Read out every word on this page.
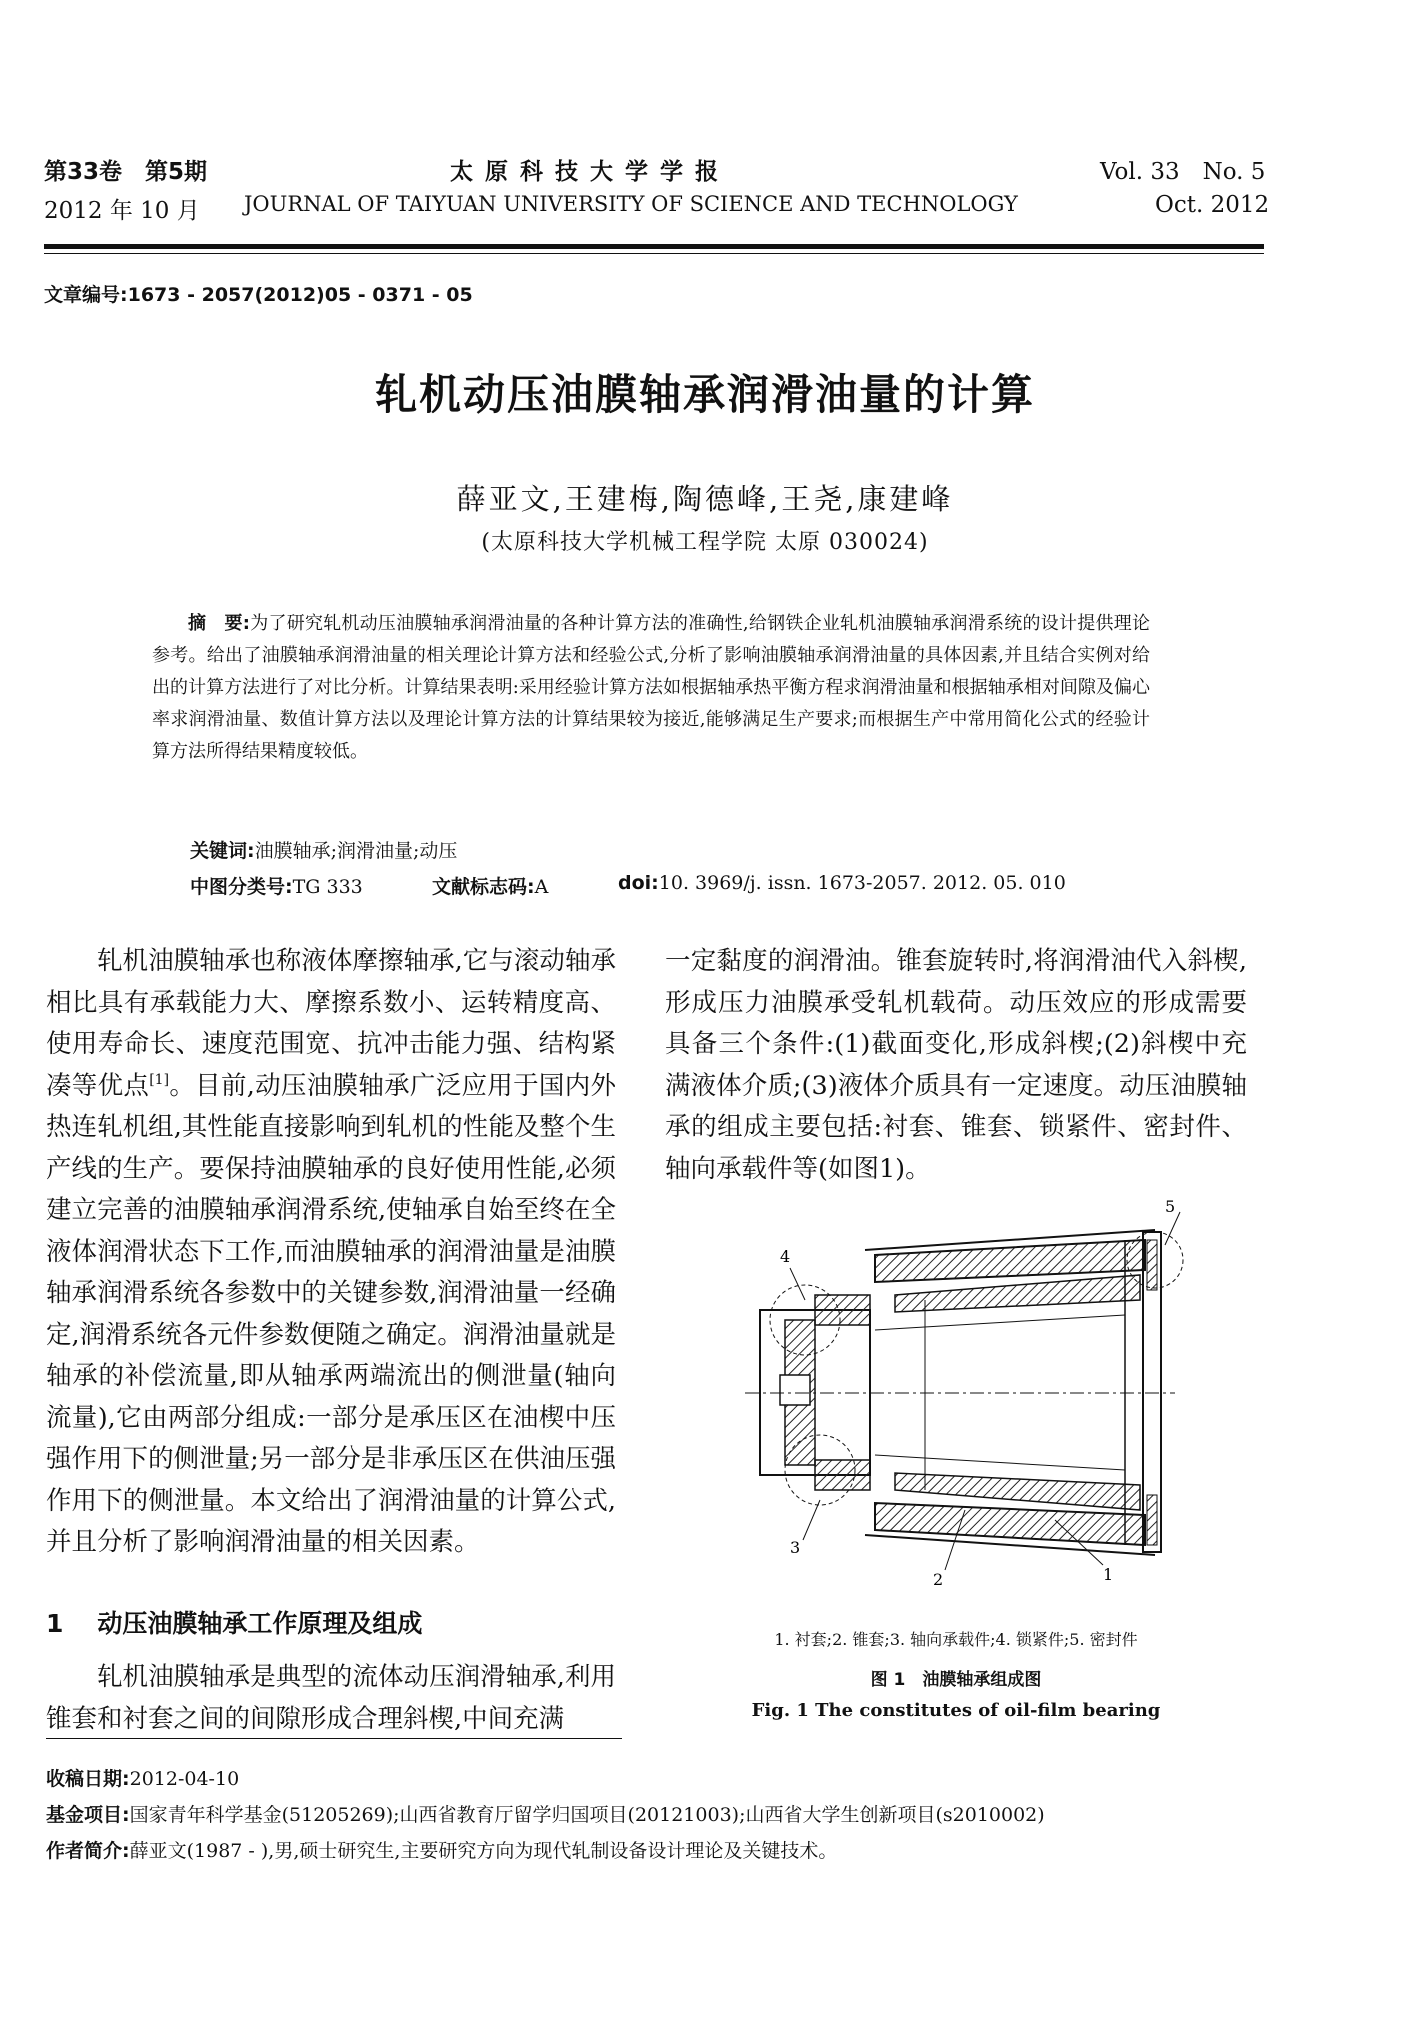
第33卷　第5期	太 原 科 技 大 学 学 报	Vol. 33　No. 5
2012 年 10 月 JOURNAL OF TAIYUAN UNIVERSITY OF SCIENCE AND TECHNOLOGY	Oct. 2012
文章编号:1673 - 2057(2012)05 - 0371 - 05
轧机动压油膜轴承润滑油量的计算
薛亚文,王建梅,陶德峰,王尧,康建峰
(太原科技大学机械工程学院 太原 030024)
摘　要:为了研究轧机动压油膜轴承润滑油量的各种计算方法的准确性,给钢铁企业轧机油膜轴承润滑系统的设计提供理论参考。给出了油膜轴承润滑油量的相关理论计算方法和经验公式,分析了影响油膜轴承润滑油量的具体因素,并且结合实例对给出的计算方法进行了对比分析。计算结果表明:采用经验计算方法如根据轴承热平衡方程求润滑油量和根据轴承相对间隙及偏心率求润滑油量、数值计算方法以及理论计算方法的计算结果较为接近,能够满足生产要求;而根据生产中常用简化公式的经验计算方法所得结果精度较低。
关键词:油膜轴承;润滑油量;动压
中图分类号:TG 333	文献标志码:A	doi:10. 3969/j. issn. 1673-2057. 2012. 05. 010

轧机油膜轴承也称液体摩擦轴承,它与滚动轴承相比具有承载能力大、摩擦系数小、运转精度高、使用寿命长、速度范围宽、抗冲击能力强、结构紧凑等优点[1]。目前,动压油膜轴承广泛应用于国内外热连轧机组,其性能直接影响到轧机的性能及整个生产线的生产。要保持油膜轴承的良好使用性能,必须建立完善的油膜轴承润滑系统,使轴承自始至终在全液体润滑状态下工作,而油膜轴承的润滑油量是油膜轴承润滑系统各参数中的关键参数,润滑油量一经确定,润滑系统各元件参数便随之确定。润滑油量就是轴承的补偿流量,即从轴承两端流出的侧泄量(轴向流量),它由两部分组成:一部分是承压区在油楔中压强作用下的侧泄量;另一部分是非承压区在供油压强作用下的侧泄量。本文给出了润滑油量的计算公式,并且分析了影响润滑油量的相关因素。

1 动压油膜轴承工作原理及组成

轧机油膜轴承是典型的流体动压润滑轴承,利用锥套和衬套之间的间隙形成合理斜楔,中间充满

一定黏度的润滑油。锥套旋转时,将润滑油代入斜楔,形成压力油膜承受轧机载荷。动压效应的形成需要具备三个条件:(1)截面变化,形成斜楔;(2)斜楔中充满液体介质;(3)液体介质具有一定速度。动压油膜轴承的组成主要包括:衬套、锥套、锁紧件、密封件、轴向承载件等(如图1)。

4
5
3
2	1
1. 衬套;2. 锥套;3. 轴向承载件;4. 锁紧件;5. 密封件
图 1　油膜轴承组成图
Fig. 1 The constitutes of oil-film bearing
收稿日期:2012-04-10
基金项目:国家青年科学基金(51205269);山西省教育厅留学归国项目(20121003);山西省大学生创新项目(s2010002)
作者简介:薛亚文(1987 - ),男,硕士研究生,主要研究方向为现代轧制设备设计理论及关键技术。
